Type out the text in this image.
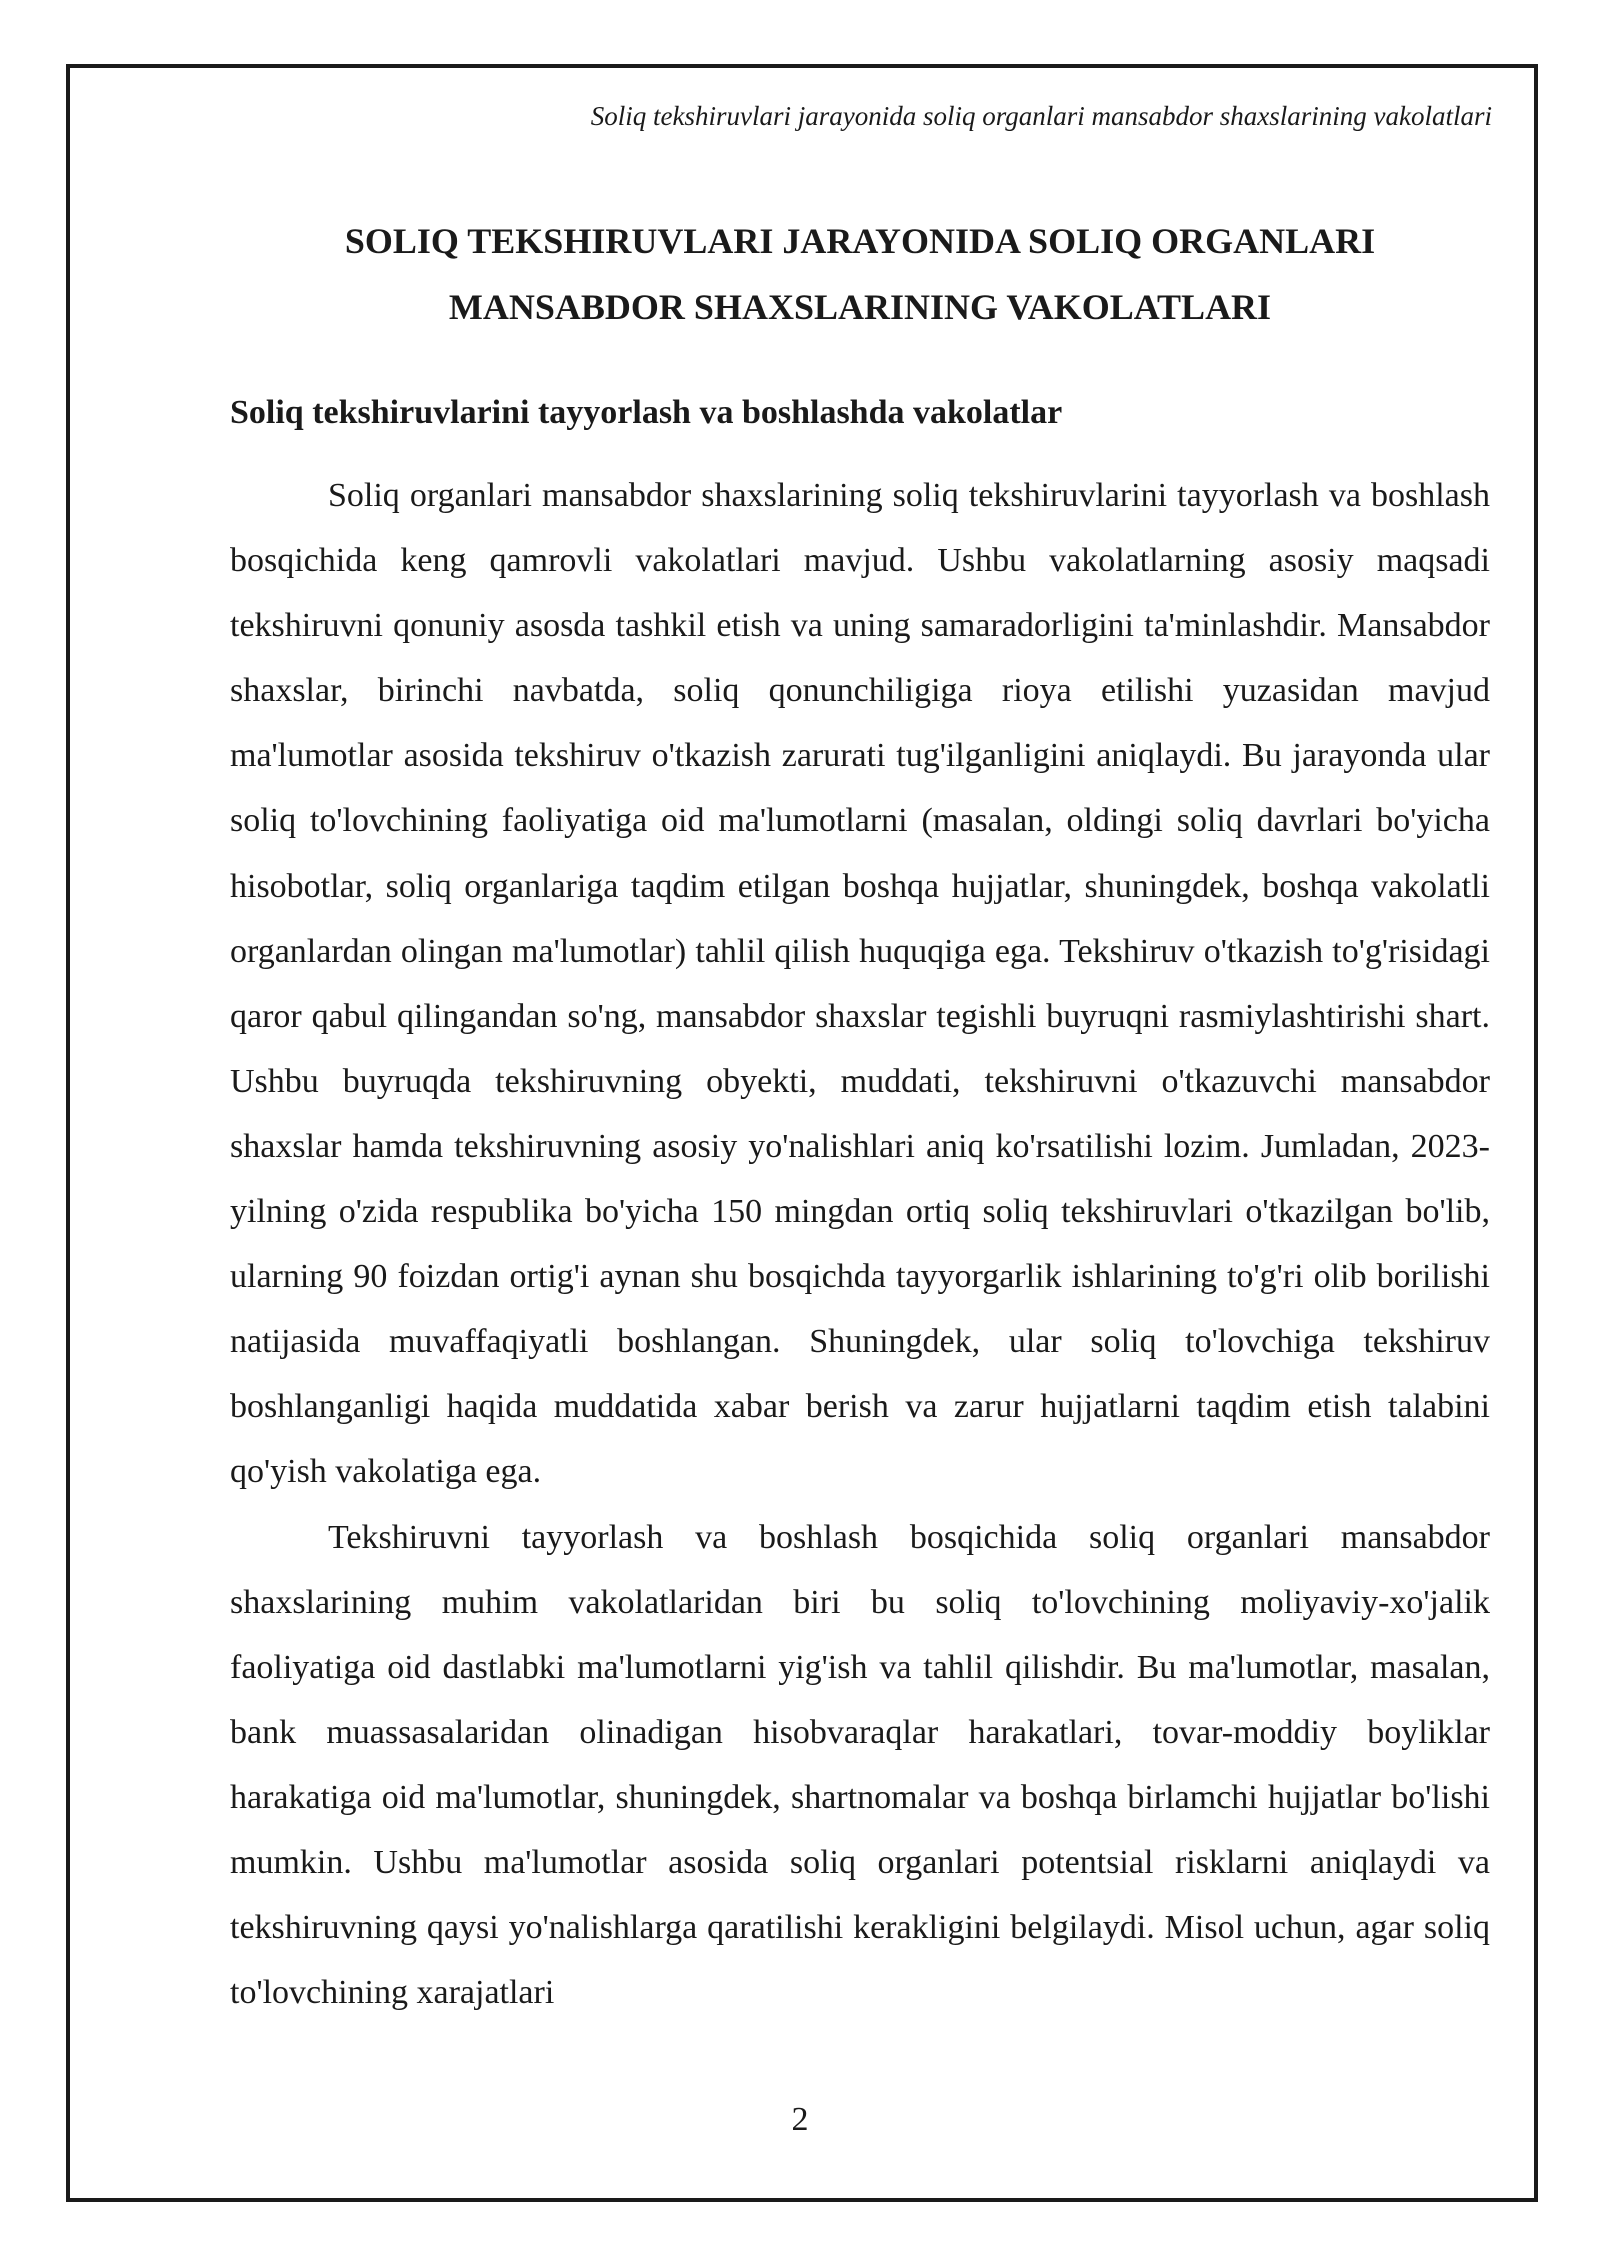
Soliq tekshiruvlari jarayonida soliq organlari mansabdor shaxslarining vakolatlari
SOLIQ TEKSHIRUVLARI JARAYONIDA SOLIQ ORGANLARI
MANSABDOR SHAXSLARINING VAKOLATLARI
Soliq tekshiruvlarini tayyorlash va boshlashda vakolatlar

Soliq organlari mansabdor shaxslarining soliq tekshiruvlarini tayyorlash va boshlash bosqichida keng qamrovli vakolatlari mavjud. Ushbu vakolatlarning asosiy maqsadi tekshiruvni qonuniy asosda tashkil etish va uning samaradorligini ta'minlashdir. Mansabdor shaxslar, birinchi navbatda, soliq qonunchiligiga rioya etilishi yuzasidan mavjud ma'lumotlar asosida tekshiruv o'tkazish zarurati tug'ilganligini aniqlaydi. Bu jarayonda ular soliq to'lovchining faoliyatiga oid ma'lumotlarni (masalan, oldingi soliq davrlari bo'yicha hisobotlar, soliq organlariga taqdim etilgan boshqa hujjatlar, shuningdek, boshqa vakolatli organlardan olingan ma'lumotlar) tahlil qilish huquqiga ega. Tekshiruv o'tkazish to'g'risidagi qaror qabul qilingandan so'ng, mansabdor shaxslar tegishli buyruqni rasmiylashtirishi shart. Ushbu buyruqda tekshiruvning obyekti, muddati, tekshiruvni o'tkazuvchi mansabdor shaxslar hamda tekshiruvning asosiy yo'nalishlari aniq ko'rsatilishi lozim. Jumladan, 2023-yilning o'zida respublika bo'yicha 150 mingdan ortiq soliq tekshiruvlari o'tkazilgan bo'lib, ularning 90 foizdan ortig'i aynan shu bosqichda tayyorgarlik ishlarining to'g'ri olib borilishi natijasida muvaffaqiyatli boshlangan. Shuningdek, ular soliq to'lovchiga tekshiruv boshlanganligi haqida muddatida xabar berish va zarur hujjatlarni taqdim etish talabini qo'yish vakolatiga ega.

Tekshiruvni tayyorlash va boshlash bosqichida soliq organlari mansabdor shaxslarining muhim vakolatlaridan biri bu soliq to'lovchining moliyaviy-xo'jalik faoliyatiga oid dastlabki ma'lumotlarni yig'ish va tahlil qilishdir. Bu ma'lumotlar, masalan, bank muassasalaridan olinadigan hisobvaraqlar harakatlari, tovar-moddiy boyliklar harakatiga oid ma'lumotlar, shuningdek, shartnomalar va boshqa birlamchi hujjatlar bo'lishi mumkin. Ushbu ma'lumotlar asosida soliq organlari potentsial risklarni aniqlaydi va tekshiruvning qaysi yo'nalishlarga qaratilishi kerakligini belgilaydi. Misol uchun, agar soliq to'lovchining xarajatlari

2
